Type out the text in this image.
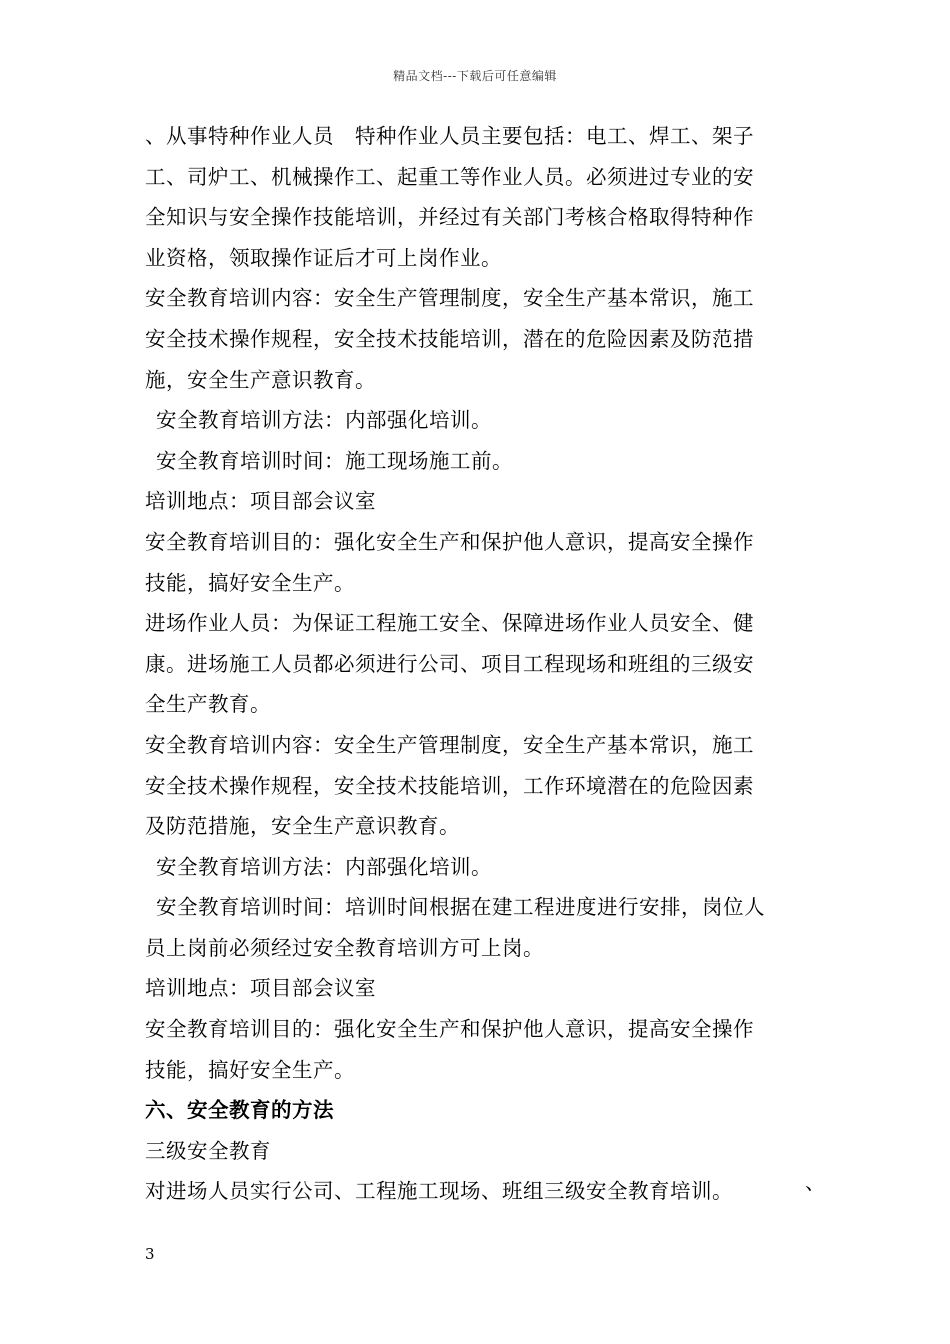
精品文档---下载后可任意编辑
、从事特种作业人员　特种作业人员主要包括：电工、焊工、架子
工、司炉工、机械操作工、起重工等作业人员。必须进过专业的安
全知识与安全操作技能培训，并经过有关部门考核合格取得特种作
业资格，领取操作证后才可上岗作业。
安全教育培训内容：安全生产管理制度，安全生产基本常识，施工
安全技术操作规程，安全技术技能培训，潜在的危险因素及防范措
施，安全生产意识教育。
安全教育培训方法：内部强化培训。
安全教育培训时间：施工现场施工前。
培训地点：项目部会议室
安全教育培训目的：强化安全生产和保护他人意识，提高安全操作
技能，搞好安全生产。
进场作业人员：为保证工程施工安全、保障进场作业人员安全、健
康。进场施工人员都必须进行公司、项目工程现场和班组的三级安
全生产教育。
安全教育培训内容：安全生产管理制度，安全生产基本常识，施工
安全技术操作规程，安全技术技能培训，工作环境潜在的危险因素
及防范措施，安全生产意识教育。
安全教育培训方法：内部强化培训。
安全教育培训时间：培训时间根据在建工程进度进行安排，岗位人
员上岗前必须经过安全教育培训方可上岗。
培训地点：项目部会议室
安全教育培训目的：强化安全生产和保护他人意识，提高安全操作
技能，搞好安全生产。
六、安全教育的方法
三级安全教育
对进场人员实行公司、工程施工现场、班组三级安全教育培训。	、
3
